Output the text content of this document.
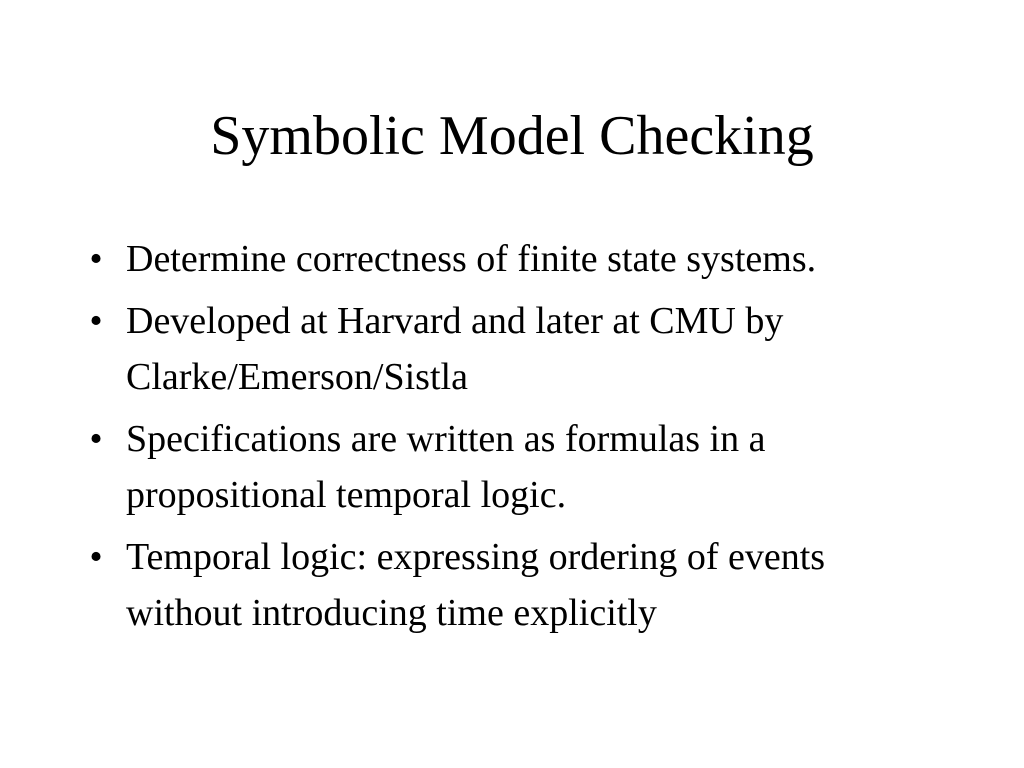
Symbolic Model Checking
• Determine correctness of finite state systems.
• Developed at Harvard and later at CMU by Clarke/Emerson/Sistla
• Specifications are written as formulas in a propositional temporal logic.
• Temporal logic: expressing ordering of events without introducing time explicitly
